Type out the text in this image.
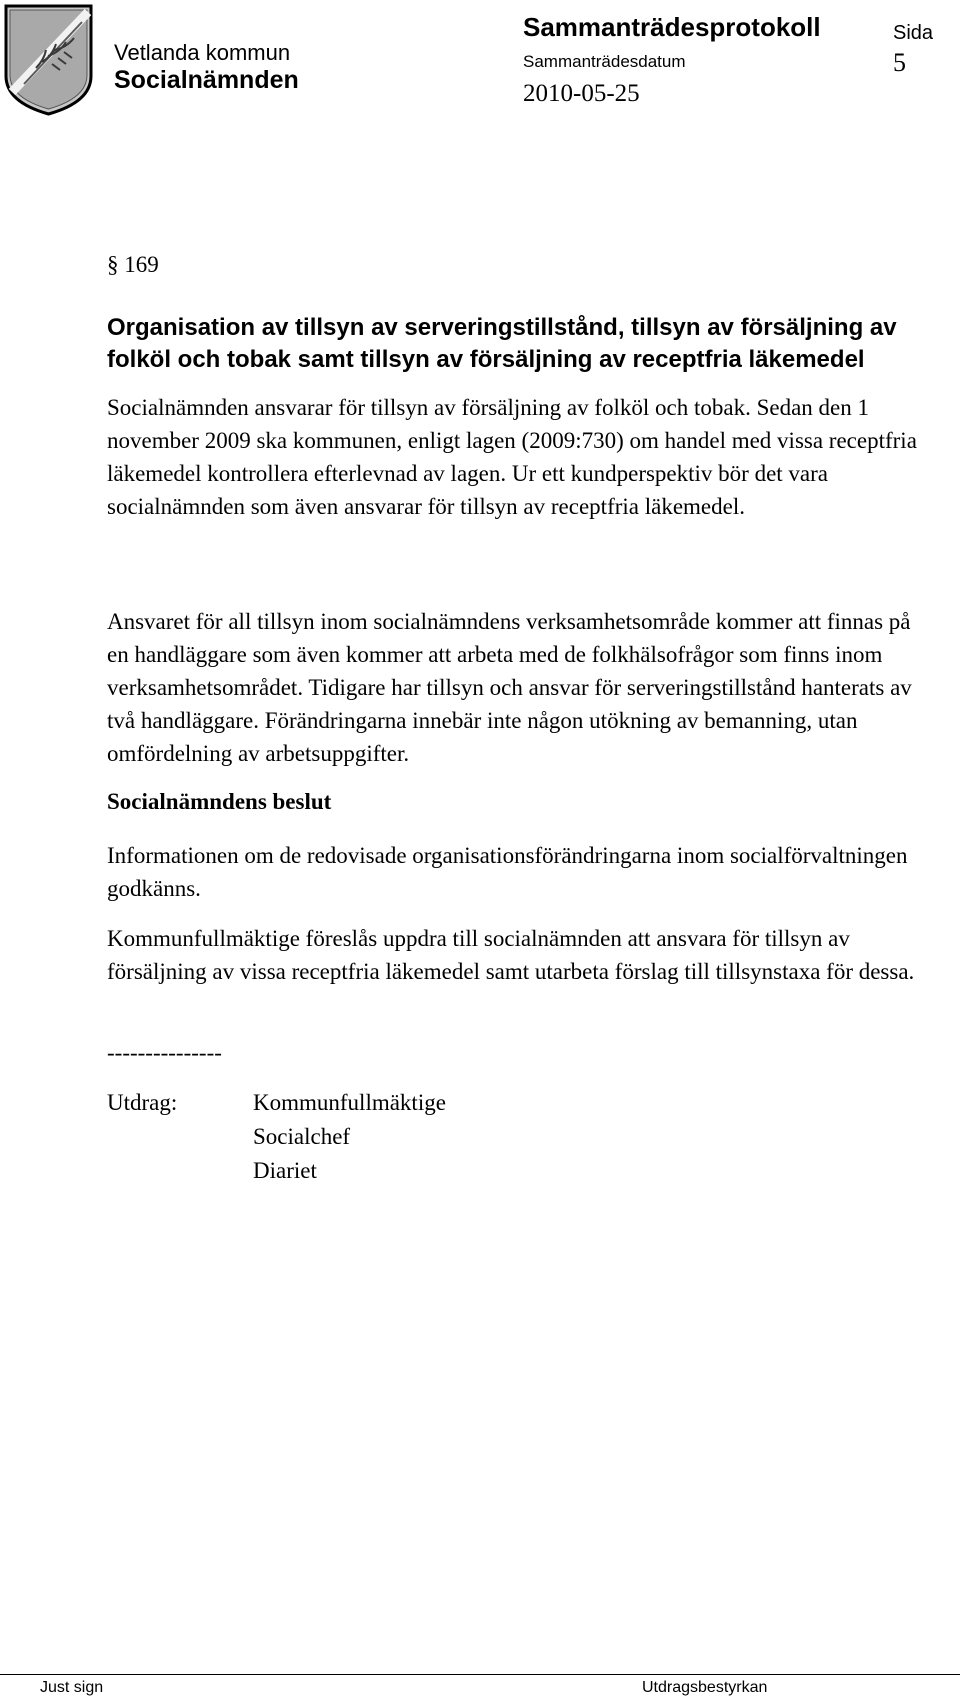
Vetlanda kommun
Socialnämnden
Sammanträdesprotokoll
Sammanträdesdatum
2010-05-25
Sida
5
§ 169
Organisation av tillsyn av serveringstillstånd, tillsyn av försäljning av folköl och tobak samt tillsyn av försäljning av receptfria läkemedel
Socialnämnden ansvarar för tillsyn av försäljning av folköl och tobak. Sedan den 1 november 2009 ska kommunen, enligt lagen (2009:730) om handel med vissa receptfria läkemedel kontrollera efterlevnad av lagen. Ur ett kundperspektiv bör det vara socialnämnden som även ansvarar för tillsyn av receptfria läkemedel.
Ansvaret för all tillsyn inom socialnämndens verksamhetsområde kommer att finnas på en handläggare som även kommer att arbeta med de folkhälsofrågor som finns inom verksamhetsområdet. Tidigare har tillsyn och ansvar för serveringstillstånd hanterats av två handläggare. Förändringarna innebär inte någon utökning av bemanning, utan omfördelning av arbetsuppgifter.
Socialnämndens beslut
Informationen om de redovisade organisationsförändringarna inom socialförvaltningen godkänns.
Kommunfullmäktige föreslås uppdra till socialnämnden att ansvara för tillsyn av försäljning av vissa receptfria läkemedel samt utarbeta förslag till tillsynstaxa för dessa.
---------------
Utdrag:	Kommunfullmäktige
Socialchef
Diariet
Just sign	Utdragsbestyrkan
